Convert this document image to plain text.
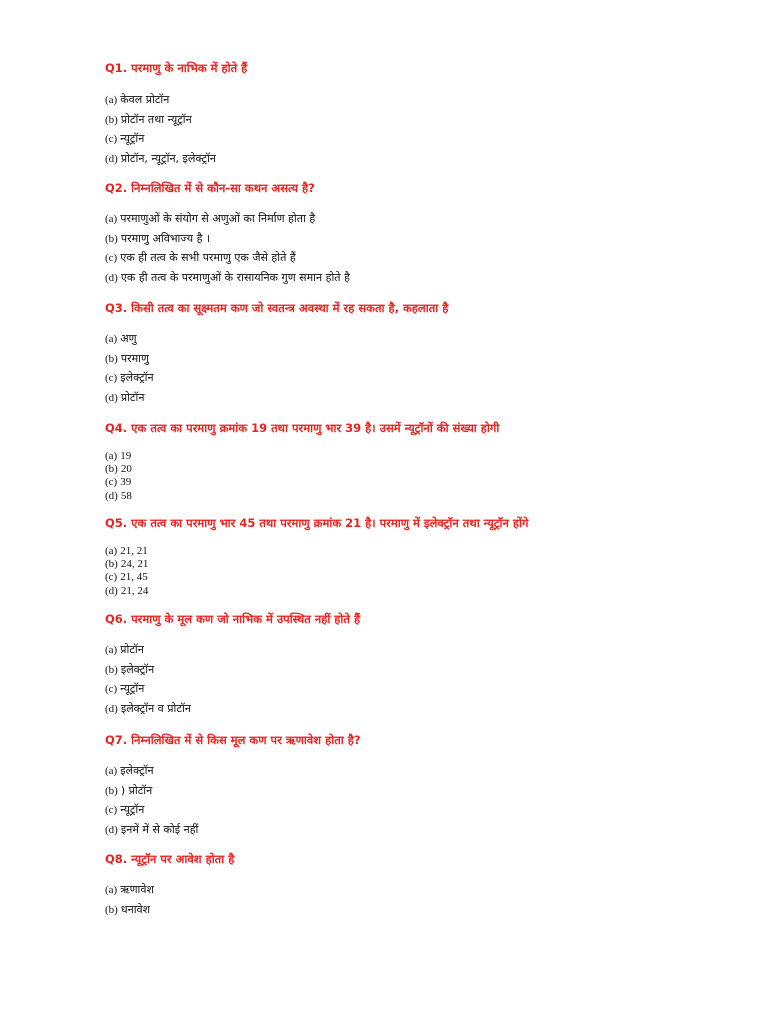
Q1. परमाणु के नाभिक में होते हैं
(a) केवल प्रोटॉन
(b) प्रोटॉन तथा न्यूट्रॉन
(c) न्यूट्रॉन
(d) प्रोटॉन, न्यूट्रॉन, इलेक्ट्रॉन
Q2. निम्नलिखित में से कौन-सा कथन असत्य है?
(a) परमाणुओं के संयोग से अणुओं का निर्माण होता है
(b) परमाणु अविभाज्य है ।
(c) एक ही तत्व के सभी परमाणु एक जैसे होते हैं
(d) एक ही तत्व के परमाणुओं के रासायनिक गुण समान होते है
Q3. किसी तत्व का सूक्ष्मतम कण जो स्वतन्त्र अवस्था में रह सकता है, कहलाता है
(a) अणु
(b) परमाणु
(c) इलेक्ट्रॉन
(d) प्रोटॉन
Q4. एक तत्व का परमाणु क्रमांक 19 तथा परमाणु भार 39 है। उसमें न्यूट्रॉनों की संख्या होगी
(a) 19
(b) 20
(c) 39
(d) 58
Q5. एक तत्व का परमाणु भार 45 तथा परमाणु क्रमांक 21 है। परमाणु में इलेक्ट्रॉन तथा न्यूट्रॉन होंगे
(a) 21, 21
(b) 24, 21
(c) 21, 45
(d) 21, 24
Q6. परमाणु के मूल कण जो नाभिक में उपस्थित नहीं होते हैं
(a) प्रोटॉन
(b) इलेक्ट्रॉन
(c) न्यूट्रॉन
(d) इलेक्ट्रॉन व प्रोटॉन
Q7. निम्नलिखित में से किस मूल कण पर ऋणावेश होता है?
(a) इलेक्ट्रॉन
(b) ) प्रोटॉन
(c) न्यूट्रॉन
(d) इनमें में से कोई नहीं
Q8. न्यूट्रॉन पर आवेश होता है
(a) ऋणावेश
(b) धनावेश
